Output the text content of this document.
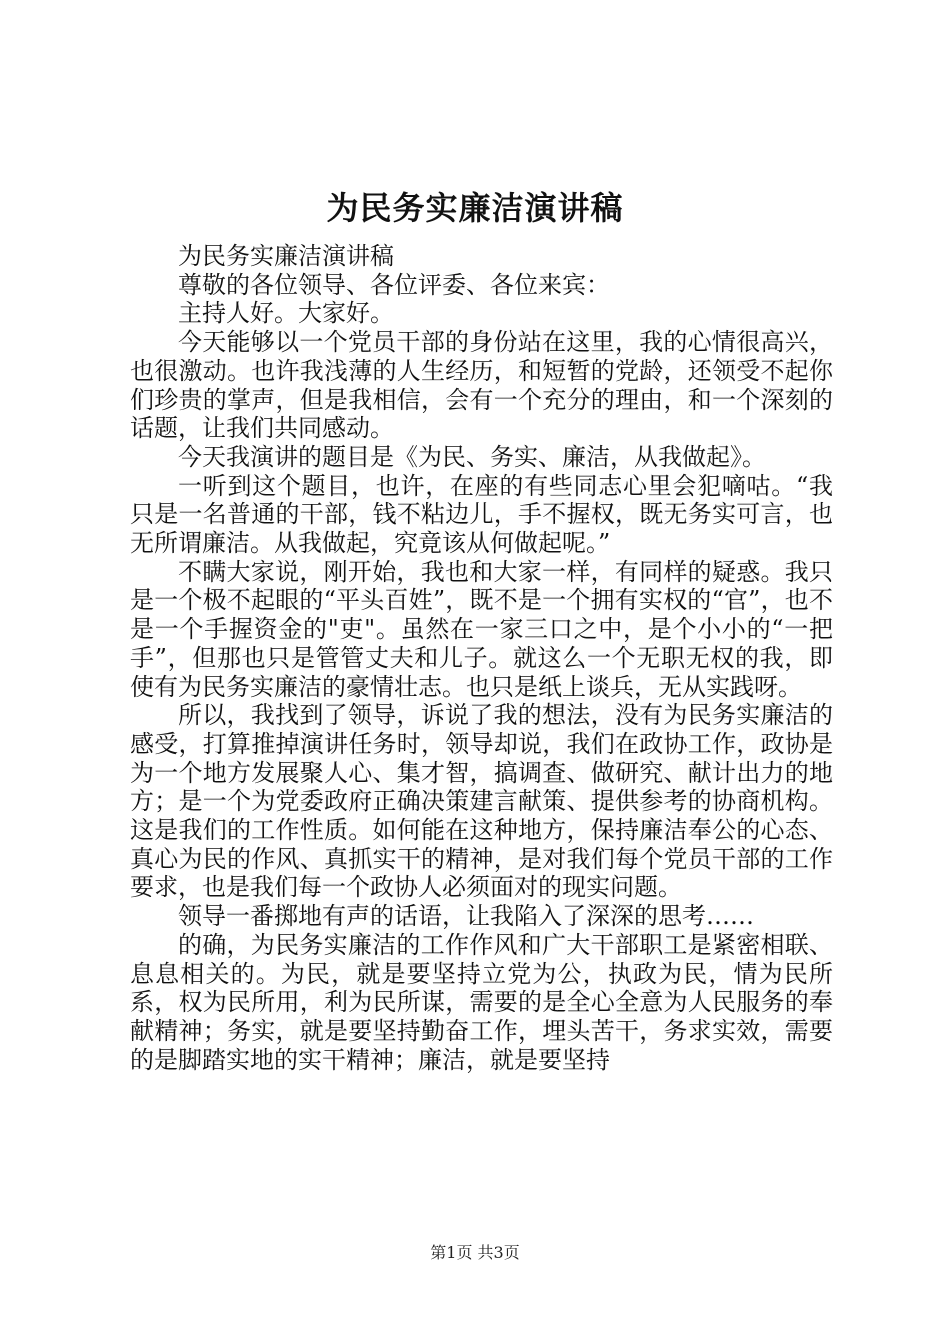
为民务实廉洁演讲稿

为民务实廉洁演讲稿

尊敬的各位领导、各位评委、各位来宾：

主持人好。大家好。

今天能够以一个党员干部的身份站在这里，我的心情很高兴，也很激动。也许我浅薄的人生经历，和短暂的党龄，还领受不起你们珍贵的掌声，但是我相信，会有一个充分的理由，和一个深刻的话题，让我们共同感动。

今天我演讲的题目是《为民、务实、廉洁，从我做起》。

一听到这个题目，也许，在座的有些同志心里会犯嘀咕。“我只是一名普通的干部，钱不粘边儿，手不握权，既无务实可言，也无所谓廉洁。从我做起，究竟该从何做起呢。”

不瞒大家说，刚开始，我也和大家一样，有同样的疑惑。我只是一个极不起眼的“平头百姓”，既不是一个拥有实权的“官”，也不是一个手握资金的"吏"。虽然在一家三口之中，是个小小的“一把手”，但那也只是管管丈夫和儿子。就这么一个无职无权的我，即使有为民务实廉洁的豪情壮志。也只是纸上谈兵，无从实践呀。

所以，我找到了领导，诉说了我的想法，没有为民务实廉洁的感受，打算推掉演讲任务时，领导却说，我们在政协工作，政协是为一个地方发展聚人心、集才智，搞调查、做研究、献计出力的地方；是一个为党委政府正确决策建言献策、提供参考的协商机构。这是我们的工作性质。如何能在这种地方，保持廉洁奉公的心态、真心为民的作风、真抓实干的精神，是对我们每个党员干部的工作要求，也是我们每一个政协人必须面对的现实问题。

领导一番掷地有声的话语，让我陷入了深深的思考……

的确，为民务实廉洁的工作作风和广大干部职工是紧密相联、息息相关的。为民，就是要坚持立党为公，执政为民，情为民所系，权为民所用，利为民所谋，需要的是全心全意为人民服务的奉献精神；务实，就是要坚持勤奋工作，埋头苦干，务求实效，需要的是脚踏实地的实干精神；廉洁，就是要坚持

第1页 共3页
